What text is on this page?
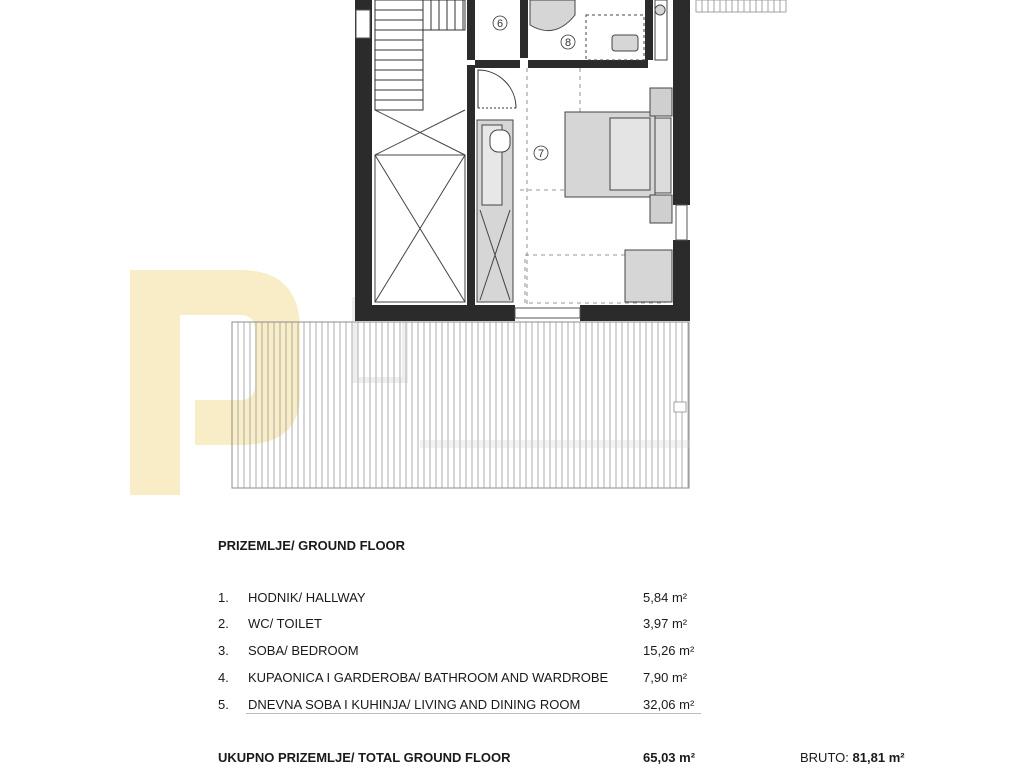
6
8
7
PRIZEMLJE/ GROUND FLOOR
1.	HODNIK/ HALLWAY	5,84 m²
2.	WC/ TOILET	3,97 m²
3.	SOBA/ BEDROOM	15,26 m²
4.	KUPAONICA I GARDEROBA/ BATHROOM AND WARDROBE	7,90 m²
5.	DNEVNA SOBA I KUHINJA/ LIVING AND DINING ROOM	32,06 m²
UKUPNO PRIZEMLJE/ TOTAL GROUND FLOOR	65,03 m²	BRUTO: 81,81 m²
